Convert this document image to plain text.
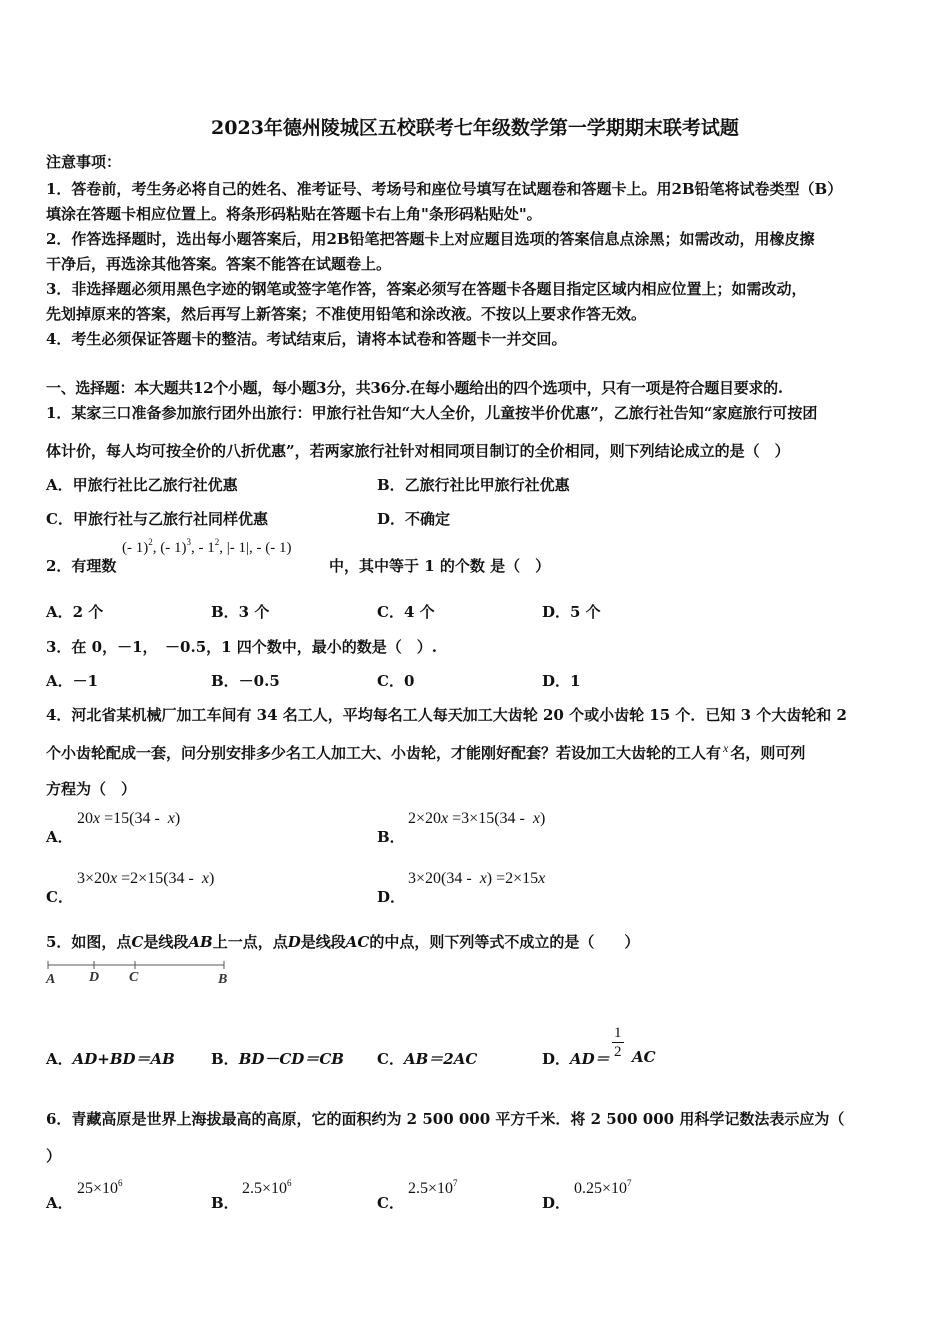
2023年德州陵城区五校联考七年级数学第一学期期末联考试题
注意事项：
1．答卷前，考生务必将自己的姓名、准考证号、考场号和座位号填写在试题卷和答题卡上。用2B铅笔将试卷类型（B）
填涂在答题卡相应位置上。将条形码粘贴在答题卡右上角"条形码粘贴处"。
2．作答选择题时，选出每小题答案后，用2B铅笔把答题卡上对应题目选项的答案信息点涂黑；如需改动，用橡皮擦
干净后，再选涂其他答案。答案不能答在试题卷上。
3．非选择题必须用黑色字迹的钢笔或签字笔作答，答案必须写在答题卡各题目指定区域内相应位置上；如需改动，
先划掉原来的答案，然后再写上新答案；不准使用铅笔和涂改液。不按以上要求作答无效。
4．考生必须保证答题卡的整洁。考试结束后，请将本试卷和答题卡一并交回。
一、选择题：本大题共12个小题，每小题3分，共36分.在每小题给出的四个选项中，只有一项是符合题目要求的.
1．某家三口准备参加旅行团外出旅行：甲旅行社告知“大人全价，儿童按半价优惠”，乙旅行社告知“家庭旅行可按团
体计价，每人均可按全价的八折优惠”，若两家旅行社针对相同项目制订的全价相同，则下列结论成立的是（　）
A．甲旅行社比乙旅行社优惠	B．乙旅行社比甲旅行社优惠
C．甲旅行社与乙旅行社同样优惠	D．不确定
2．有理数
(- 1)$^2$, (- 1)$^3$, - $1^2$, |- 1|, - (- 1)
中，其中等于 1 的个数 是（　）
A．2 个	B．3 个	C．4 个	D．5 个
3．在 0，－1，　－0.5，1 四个数中，最小的数是（　）.
A．－1	B．－0.5	C．0	D．1
4．河北省某机械厂加工车间有 34 名工人，平均每名工人每天加工大齿轮 20 个或小齿轮 15 个．已知 3 个大齿轮和 2
个小齿轮配成一套，问分别安排多少名工人加工大、小齿轮，才能刚好配套？若设加工大齿轮的工人有 $^x$ 名，则可列
方程为（　）
A．
20x =15(34 -  x)
B．
2×20x =3×15(34 -  x)
C．
3×20x =2×15(34 -  x)
D．
3×20(34 -  x) =2×15x
5．如图，点C是线段AB上一点，点D是线段AC的中点，则下列等式不成立的是（　　）
A D C	B
A．AD+BD＝AB B．BD－CD＝CB C．AB＝2AC	D．$AD= \frac{1}{2}$ AC
6．青藏高原是世界上海拔最高的高原，它的面积约为 2 500 000 平方千米．将 2 500 000 用科学记数法表示应为（
）
A．
$25\times 10^6$
B．
$2.5\times 10^6$
C．
$2.5\times 10^7$
D．
$0.25\times 10^7$
